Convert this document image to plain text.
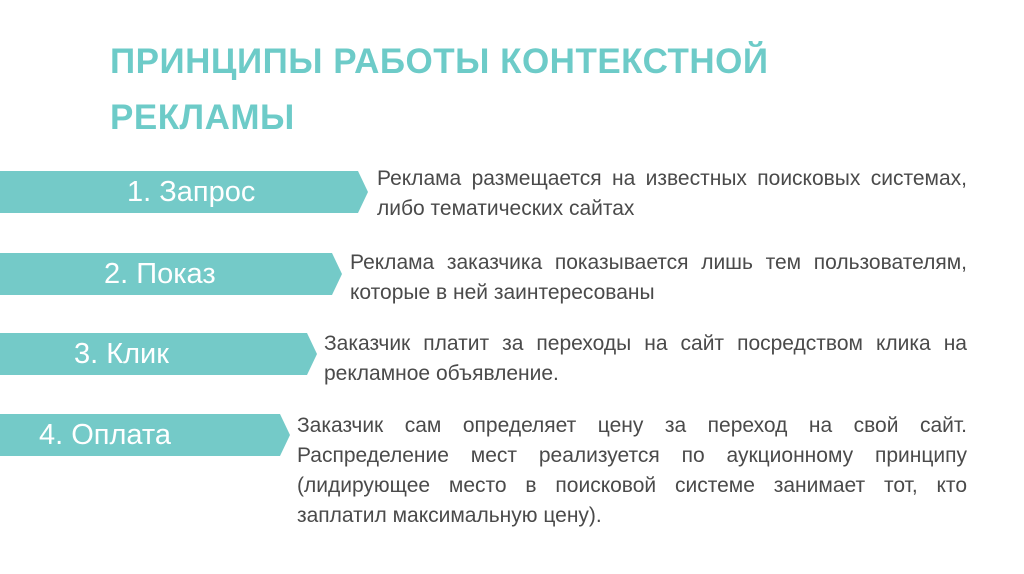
ПРИНЦИПЫ РАБОТЫ КОНТЕКСТНОЙ РЕКЛАМЫ
1. Запрос	Реклама размещается на известных поисковых системах, либо тематических сайтах

2. Показ	Реклама заказчика показывается лишь тем пользователям, которые в ней заинтересованы

3. Клик	Заказчик платит за переходы на сайт посредством клика на рекламное объявление.

4. Оплата	Заказчик сам определяет цену за переход на свой сайт. Распределение мест реализуется по аукционному принципу (лидирующее место в поисковой системе занимает тот, кто заплатил максимальную цену).
